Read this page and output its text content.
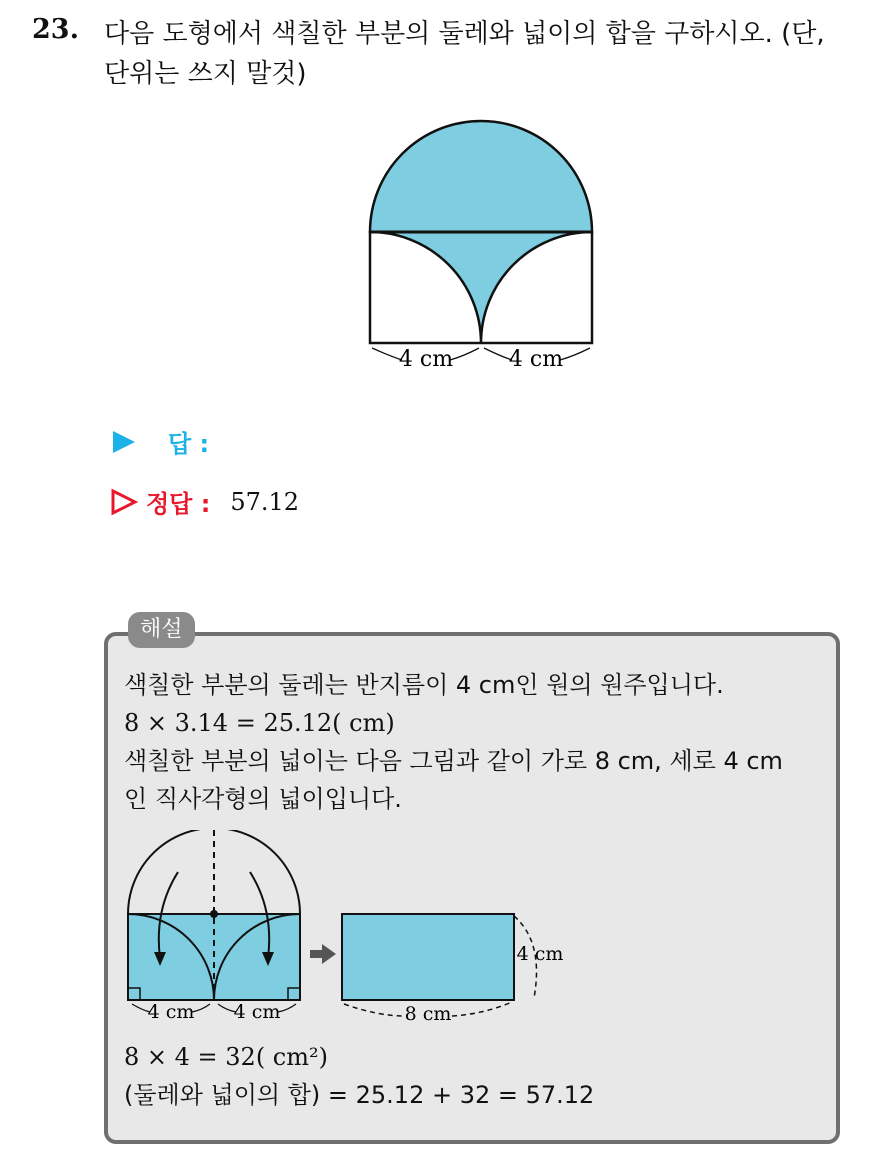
23. 다음 도형에서 색칠한 부분의 둘레와 넓이의 합을 구하시오. (단,
단위는 쓰지 말것)
4 cm	4 cm
답 :
정답 : 57.12
해설
색칠한 부분의 둘레는 반지름이 4 cm인 원의 원주입니다.
8 × 3.14 = 25.12( cm)
색칠한 부분의 넓이는 다음 그림과 같이 가로 8 cm, 세로 4 cm
인 직사각형의 넓이입니다.
4 cm 4 cm
4 cm
8 cm
8 × 4 = 32( cm²)
(둘레와 넓이의 합) = 25.12 + 32 = 57.12
